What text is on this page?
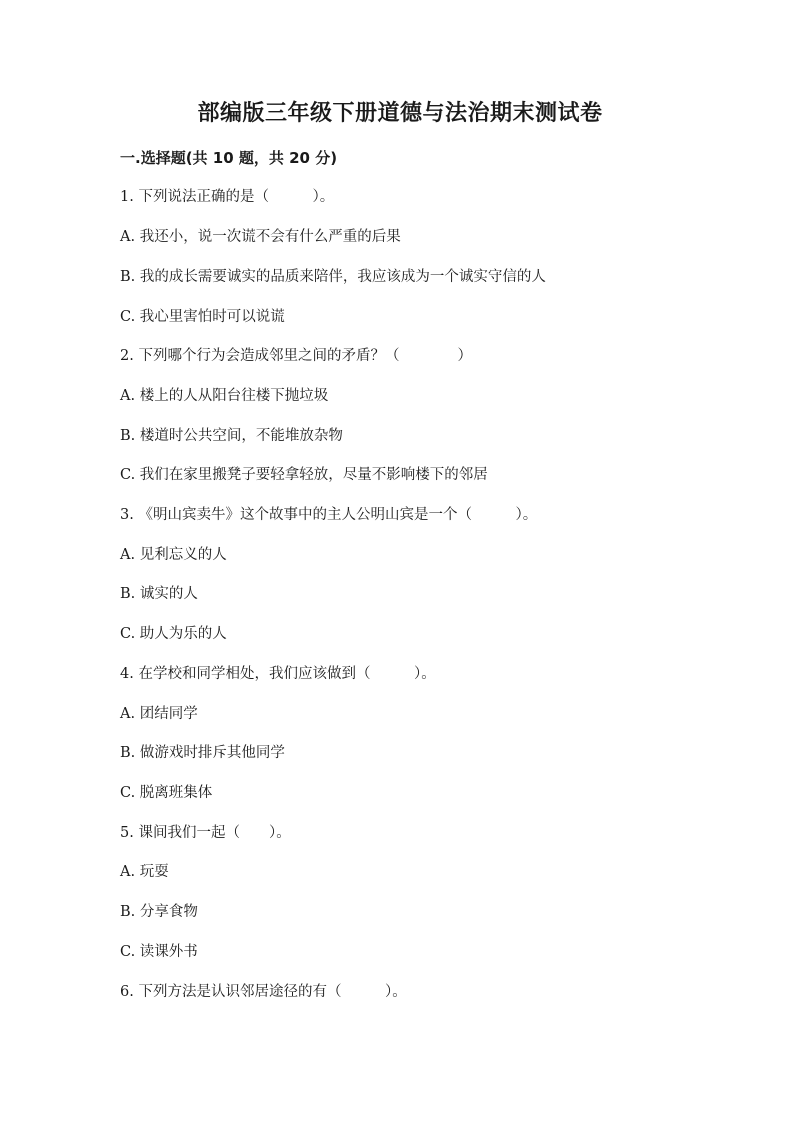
部编版三年级下册道德与法治期末测试卷
一.选择题(共 10 题，共 20 分)
1. 下列说法正确的是（　　　）。
A. 我还小，说一次谎不会有什么严重的后果
B. 我的成长需要诚实的品质来陪伴，我应该成为一个诚实守信的人
C. 我心里害怕时可以说谎
2. 下列哪个行为会造成邻里之间的矛盾？（　　　　）
A. 楼上的人从阳台往楼下抛垃圾
B. 楼道时公共空间，不能堆放杂物
C. 我们在家里搬凳子要轻拿轻放，尽量不影响楼下的邻居
3. 《明山宾卖牛》这个故事中的主人公明山宾是一个（　　　）。
A. 见利忘义的人
B. 诚实的人
C. 助人为乐的人
4. 在学校和同学相处，我们应该做到（　　　）。
A. 团结同学
B. 做游戏时排斥其他同学
C. 脱离班集体
5. 课间我们一起（　　）。
A. 玩耍
B. 分享食物
C. 读课外书
6. 下列方法是认识邻居途径的有（　　　）。
